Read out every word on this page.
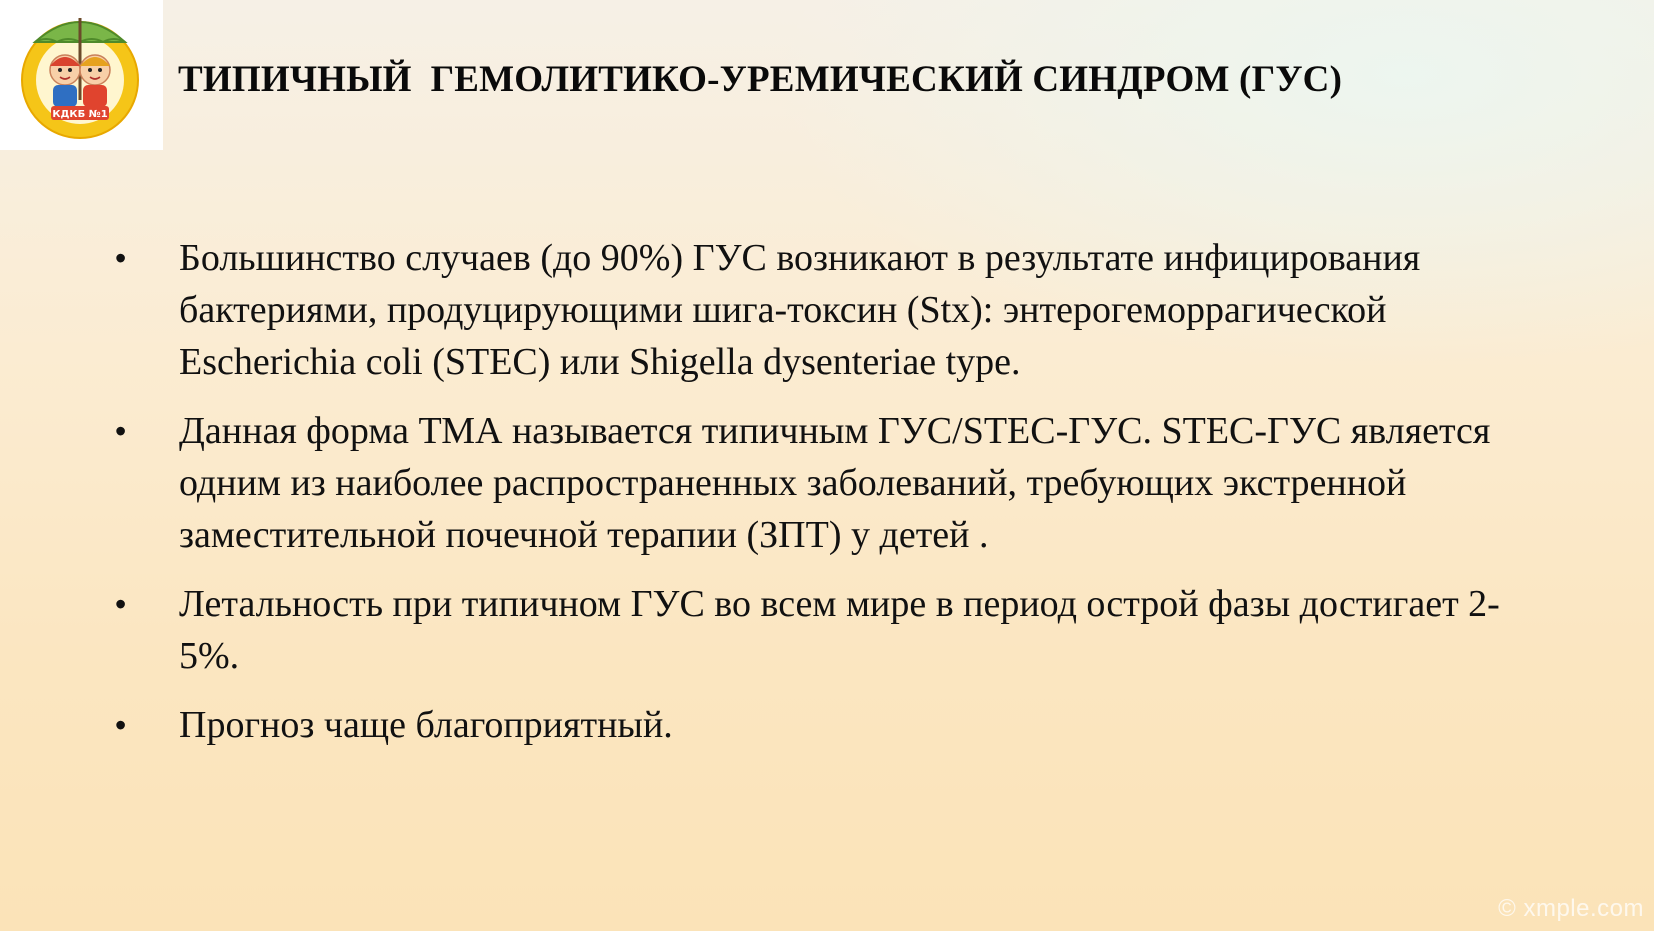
КДКБ №1
ТИПИЧНЫЙ  ГЕМОЛИТИКО-УРЕМИЧЕСКИЙ СИНДРОМ (ГУС)
• Большинство случаев (до 90%) ГУС возникают в результате инфицирования бактериями, продуцирующими шига-токсин (Stx): энтерогеморрагической Escherichia coli (STEC) или Shigella dysenteriae type.
• Данная форма ТМА называется типичным ГУС/STEC-ГУС. STEC-ГУС является одним из наиболее распространенных заболеваний, требующих экстренной заместительной почечной терапии (ЗПТ) у детей .
• Летальность при типичном ГУС во всем мире в период острой фазы достигает 2-5%.
• Прогноз чаще благоприятный.
© xmple.com
